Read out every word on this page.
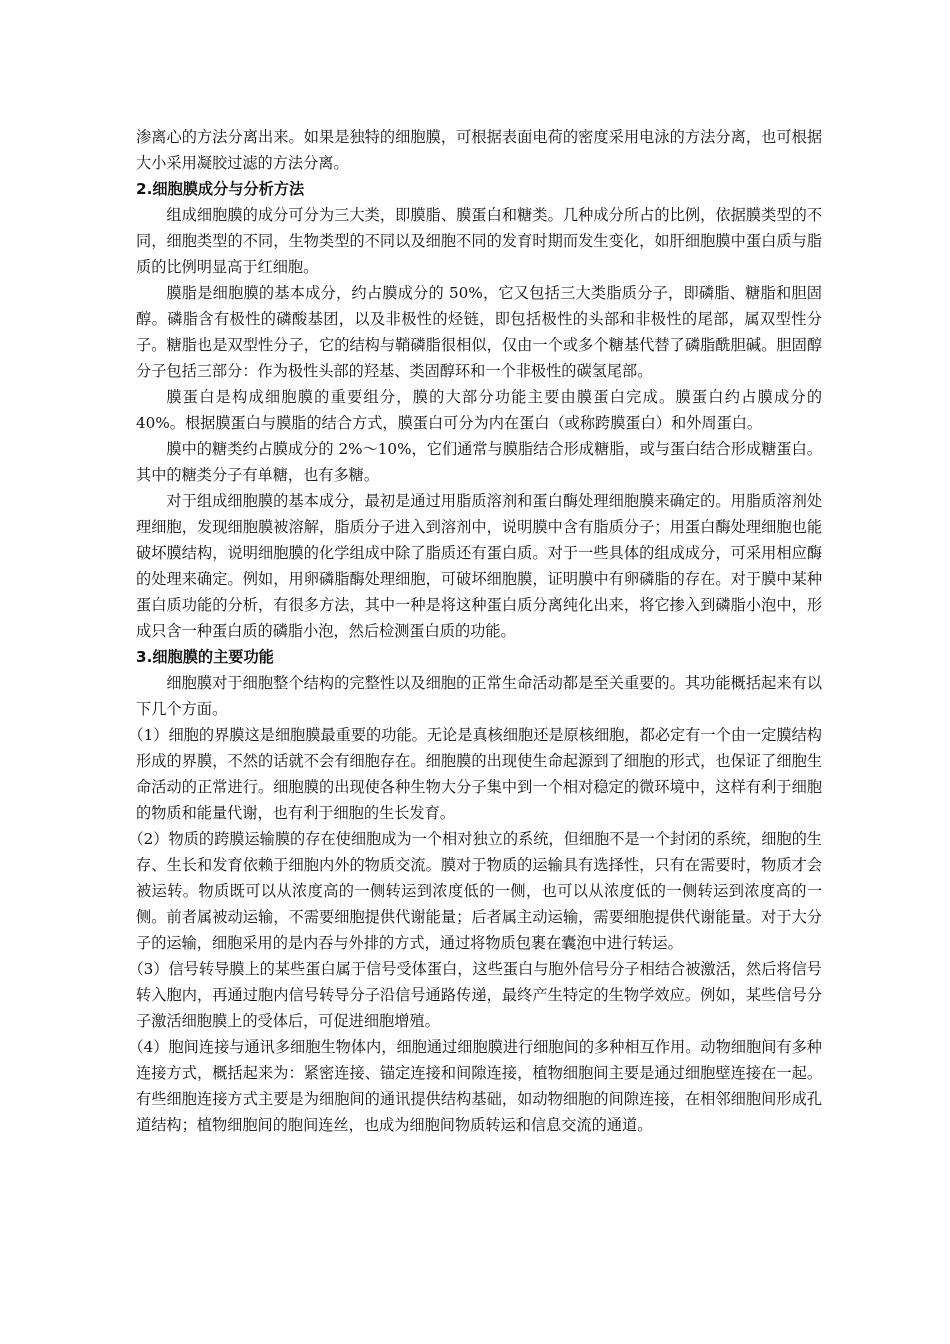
渗离心的方法分离出来。如果是独特的细胞膜，可根据表面电荷的密度采用电泳的方法分离，也可根据大小采用凝胶过滤的方法分离。

2.细胞膜成分与分析方法

组成细胞膜的成分可分为三大类，即膜脂、膜蛋白和糖类。几种成分所占的比例，依据膜类型的不同，细胞类型的不同，生物类型的不同以及细胞不同的发育时期而发生变化，如肝细胞膜中蛋白质与脂质的比例明显高于红细胞。

膜脂是细胞膜的基本成分，约占膜成分的 50%，它又包括三大类脂质分子，即磷脂、糖脂和胆固醇。磷脂含有极性的磷酸基团，以及非极性的烃链，即包括极性的头部和非极性的尾部，属双型性分子。糖脂也是双型性分子，它的结构与鞘磷脂很相似，仅由一个或多个糖基代替了磷脂酰胆碱。胆固醇分子包括三部分：作为极性头部的羟基、类固醇环和一个非极性的碳氢尾部。

膜蛋白是构成细胞膜的重要组分，膜的大部分功能主要由膜蛋白完成。膜蛋白约占膜成分的 40%。根据膜蛋白与膜脂的结合方式，膜蛋白可分为内在蛋白（或称跨膜蛋白）和外周蛋白。

膜中的糖类约占膜成分的 2%～10%，它们通常与膜脂结合形成糖脂，或与蛋白结合形成糖蛋白。其中的糖类分子有单糖，也有多糖。

对于组成细胞膜的基本成分，最初是通过用脂质溶剂和蛋白酶处理细胞膜来确定的。用脂质溶剂处理细胞，发现细胞膜被溶解，脂质分子进入到溶剂中，说明膜中含有脂质分子；用蛋白酶处理细胞也能破坏膜结构，说明细胞膜的化学组成中除了脂质还有蛋白质。对于一些具体的组成成分，可采用相应酶的处理来确定。例如，用卵磷脂酶处理细胞，可破坏细胞膜，证明膜中有卵磷脂的存在。对于膜中某种蛋白质功能的分析，有很多方法，其中一种是将这种蛋白质分离纯化出来，将它掺入到磷脂小泡中，形成只含一种蛋白质的磷脂小泡，然后检测蛋白质的功能。

3.细胞膜的主要功能

细胞膜对于细胞整个结构的完整性以及细胞的正常生命活动都是至关重要的。其功能概括起来有以下几个方面。

（1）细胞的界膜这是细胞膜最重要的功能。无论是真核细胞还是原核细胞，都必定有一个由一定膜结构形成的界膜，不然的话就不会有细胞存在。细胞膜的出现使生命起源到了细胞的形式，也保证了细胞生命活动的正常进行。细胞膜的出现使各种生物大分子集中到一个相对稳定的微环境中，这样有利于细胞的物质和能量代谢，也有利于细胞的生长发育。

（2）物质的跨膜运输膜的存在使细胞成为一个相对独立的系统，但细胞不是一个封闭的系统，细胞的生存、生长和发育依赖于细胞内外的物质交流。膜对于物质的运输具有选择性，只有在需要时，物质才会被运转。物质既可以从浓度高的一侧转运到浓度低的一侧，也可以从浓度低的一侧转运到浓度高的一侧。前者属被动运输，不需要细胞提供代谢能量；后者属主动运输，需要细胞提供代谢能量。对于大分子的运输，细胞采用的是内吞与外排的方式，通过将物质包裹在囊泡中进行转运。

（3）信号转导膜上的某些蛋白属于信号受体蛋白，这些蛋白与胞外信号分子相结合被激活，然后将信号转入胞内，再通过胞内信号转导分子沿信号通路传递，最终产生特定的生物学效应。例如，某些信号分子激活细胞膜上的受体后，可促进细胞增殖。

（4）胞间连接与通讯多细胞生物体内，细胞通过细胞膜进行细胞间的多种相互作用。动物细胞间有多种连接方式，概括起来为：紧密连接、锚定连接和间隙连接，植物细胞间主要是通过细胞壁连接在一起。有些细胞连接方式主要是为细胞间的通讯提供结构基础，如动物细胞的间隙连接，在相邻细胞间形成孔道结构；植物细胞间的胞间连丝，也成为细胞间物质转运和信息交流的通道。
